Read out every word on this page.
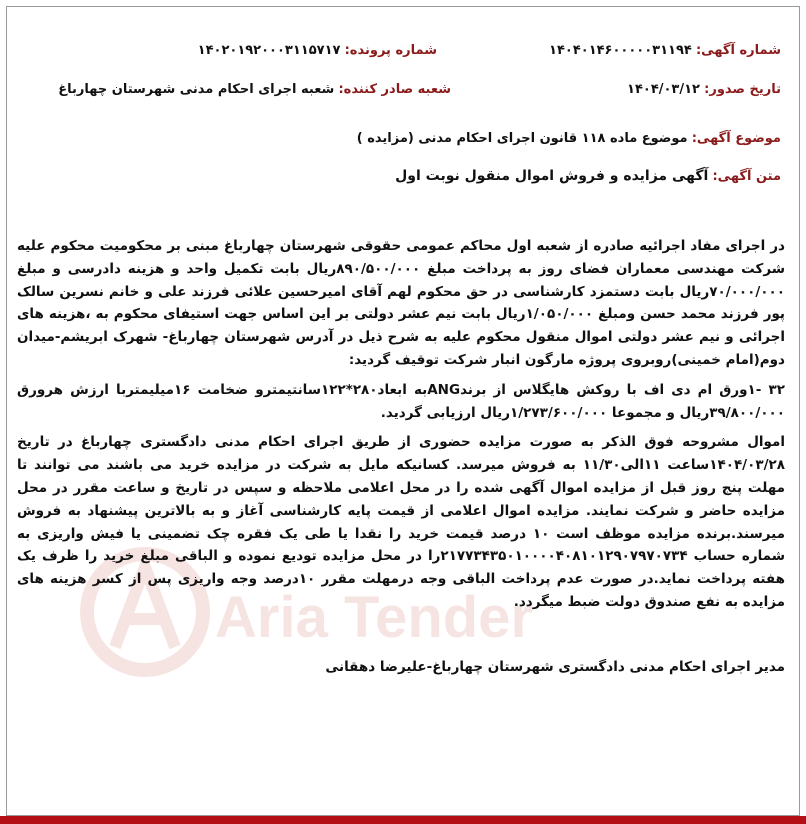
شماره آگهی: ۱۴۰۴۰۱۴۶۰۰۰۰۰۳۱۱۹۴
شماره پرونده: ۱۴۰۲۰۱۹۲۰۰۰۳۱۱۵۷۱۷
تاریخ صدور: ۱۴۰۴/۰۳/۱۲
شعبه صادر کننده: شعبه اجرای احکام مدنی شهرستان چهارباغ
موضوع آگهی: موضوع ماده ۱۱۸ قانون اجرای احکام مدنی (مزایده )
متن آگهی: آگهی مزایده و فروش اموال منقول نوبت اول
Aria Tender

در اجرای مفاد اجرائیه صادره از شعبه اول محاکم عمومی حقوقی شهرستان چهارباغ مبنی بر محکومیت محکوم علیه شرکت مهندسی معماران فضای روز به پرداخت مبلغ ۸۹۰/۵۰۰/۰۰۰ریال بابت تکمیل واحد و هزینه دادرسی و مبلغ ۷۰/۰۰۰/۰۰۰ریال بابت دستمزد کارشناسی در حق محکوم لهم آقای امیرحسین علائی فرزند علی و خانم نسرین سالک پور فرزند محمد حسن ومبلغ ۱/۰۵۰/۰۰۰ریال بابت نیم عشر دولتی بر این اساس جهت استیفای محکوم به ،هزینه های اجرائی و نیم عشر دولتی اموال منقول محکوم علیه به شرح ذیل در آدرس شهرستان چهارباغ- شهرک ابریشم-میدان دوم(امام خمینی)روبروی پروژه مارگون انبار شرکت توقیف گردید:

۳۲ -۱ورق ام دی اف با روکش هایگلاس از برندANGبه ابعاد۲۸۰*۱۲۲سانتیمترو ضخامت ۱۶میلیمتربا ارزش هرورق ۳۹/۸۰۰/۰۰۰ریال و مجموعا ۱/۲۷۳/۶۰۰/۰۰۰ریال ارزیابی گردید.

اموال مشروحه فوق الذکر به صورت مزایده حضوری از طریق اجرای احکام مدنی دادگستری چهارباغ در تاریخ ۱۴۰۴/۰۳/۲۸ساعت ۱۱الی۱۱/۳۰ به فروش میرسد. کسانیکه مایل به شرکت در مزایده خرید می باشند می توانند تا مهلت پنج روز قبل از مزایده اموال آگهی شده را در محل اعلامی ملاحظه و سپس در تاریخ و ساعت مقرر در محل مزایده حاضر و شرکت نمایند. مزایده اموال اعلامی از قیمت پایه کارشناسی آغاز و به بالاترین پیشنهاد به فروش میرسند.برنده مزایده موظف است ۱۰ درصد قیمت خرید را نقدا یا طی یک فقره چک تضمینی یا فیش واریزی به شماره حساب ۲۱۷۷۳۴۳۵۰۱۰۰۰۰۴۰۸۱۰۱۲۹۰۷۹۷۰۷۳۴را در محل مزایده تودیع نموده و الباقی مبلغ خرید را ظرف یک هفته پرداخت نماید.در صورت عدم پرداخت الباقی وجه درمهلت مقرر ۱۰درصد وجه واریزی پس از کسر هزینه های مزایده به نفع صندوق دولت ضبط میگردد.

مدیر اجرای احکام مدنی دادگستری شهرستان چهارباغ-علیرضا دهقانی
